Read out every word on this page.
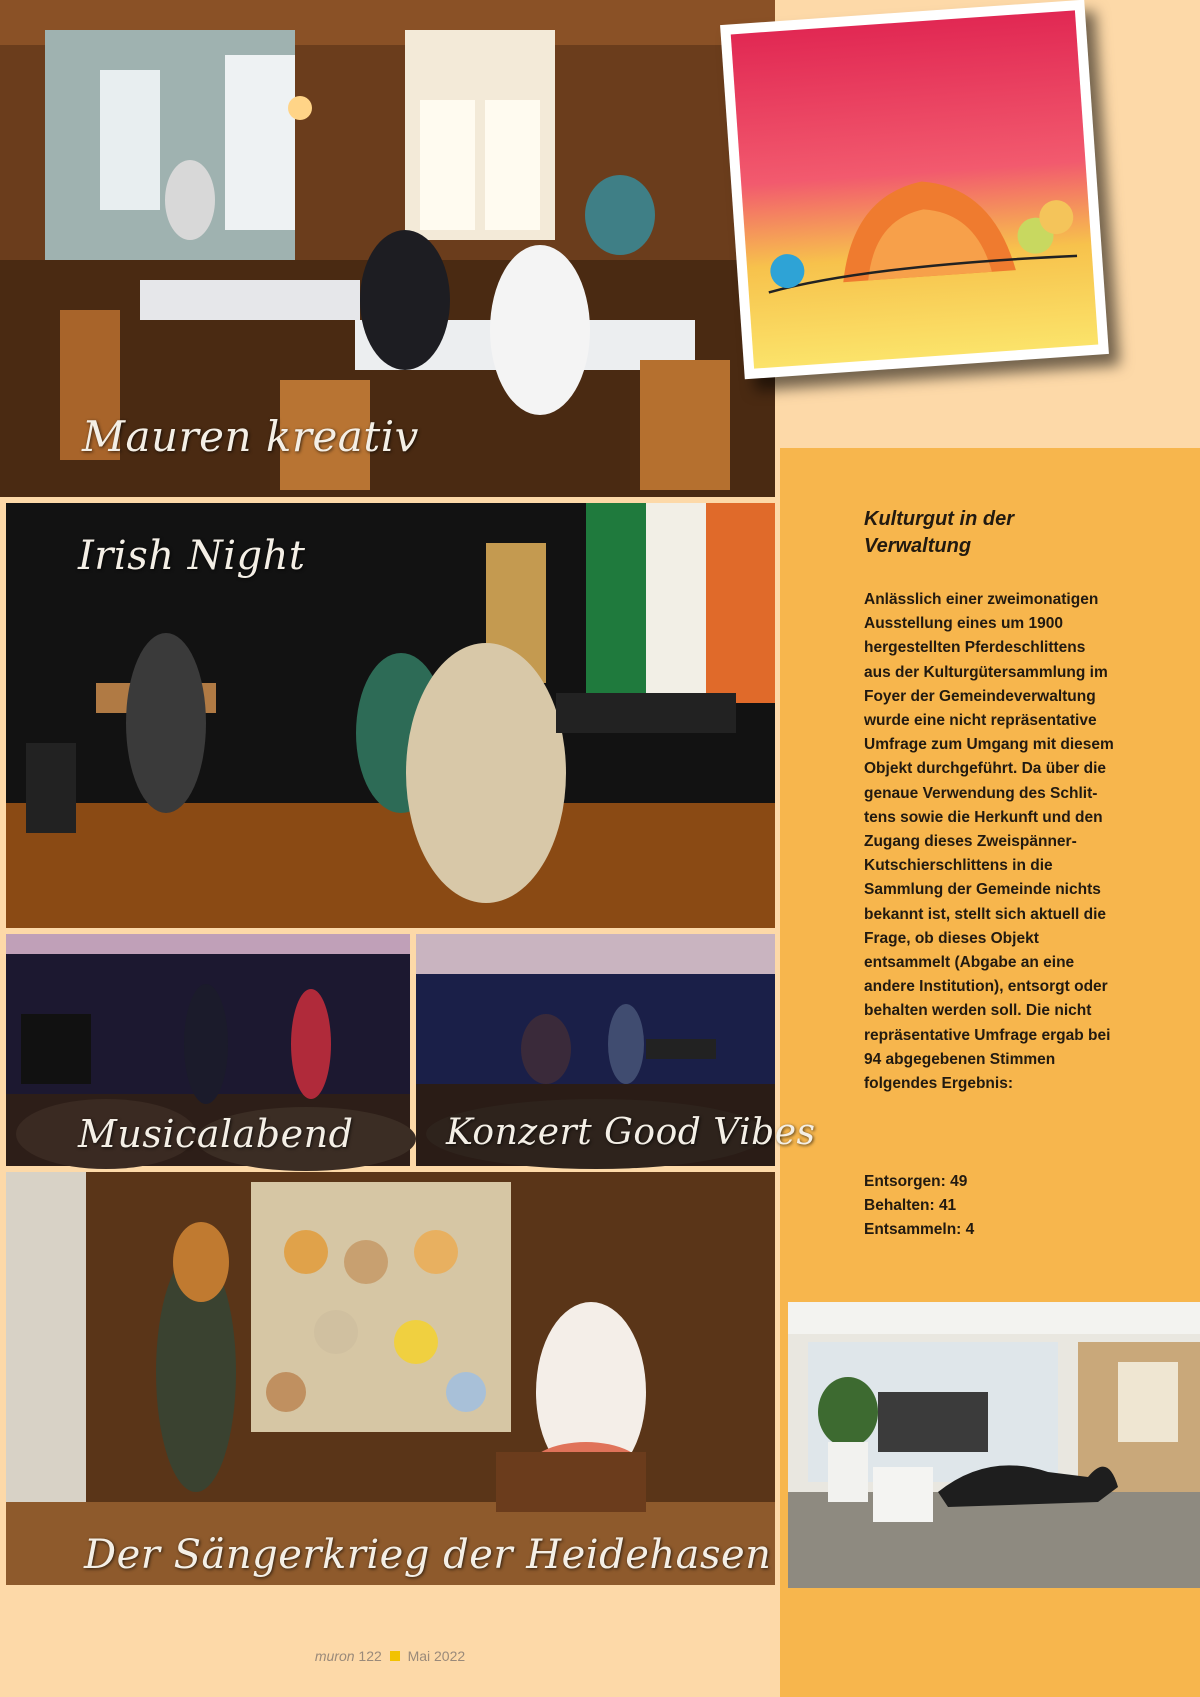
Mauren kreativ
Irish Night
Musicalabend	Konzert Good Vibes
Der Sängerkrieg der Heidehasen
Kulturgut in der Verwaltung

Anlässlich einer zweimonatigen Ausstellung eines um 1900 hergestellten Pferdeschlittens aus der Kulturgütersammlung im Foyer der Gemeindeverwaltung wurde eine nicht repräsentative Umfrage zum Umgang mit diesem Objekt durchgeführt. Da über die genaue Verwendung des Schlittens sowie die Herkunft und den Zugang dieses Zweispänner-Kutschierschlittens in die Sammlung der Gemeinde nichts bekannt ist, stellt sich aktuell die Frage, ob dieses Objekt entsammelt (Abgabe an eine andere Institution), entsorgt oder behalten werden soll. Die nicht repräsentative Umfrage ergab bei 94 abgegebenen Stimmen folgendes Ergebnis:

Entsorgen: 49
Behalten: 41
Entsammeln: 4
muron 122 Mai 2022
